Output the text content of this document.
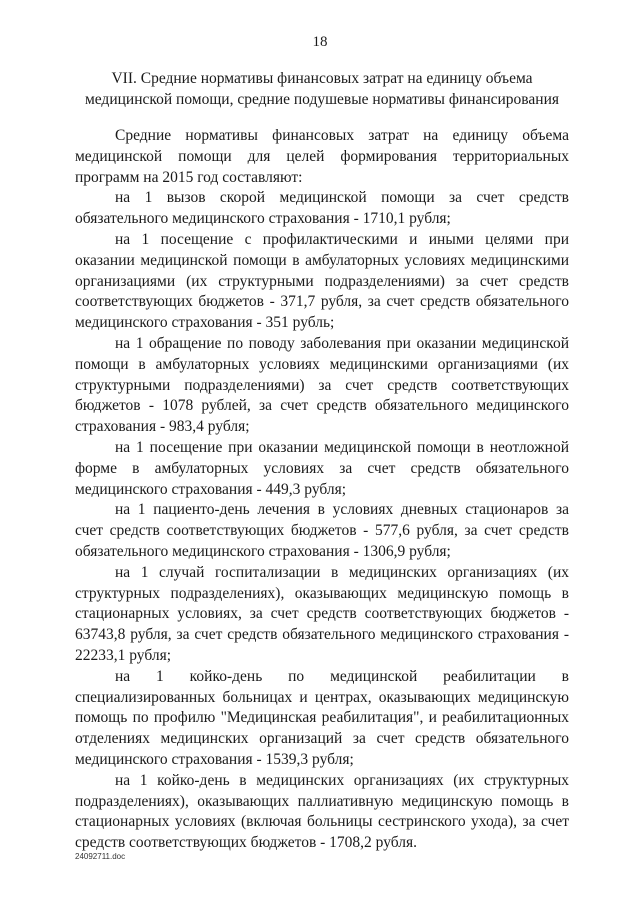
18
VII. Средние нормативы финансовых затрат на единицу объема
медицинской помощи, средние подушевые нормативы финансирования

Средние нормативы финансовых затрат на единицу объема медицинской помощи для целей формирования территориальных программ на 2015 год составляют:

на 1 вызов скорой медицинской помощи за счет средств обязательного медицинского страхования - 1710,1 рубля;

на 1 посещение с профилактическими и иными целями при оказании медицинской помощи в амбулаторных условиях медицинскими организациями (их структурными подразделениями) за счет средств соответствующих бюджетов - 371,7 рубля, за счет средств обязательного медицинского страхования - 351 рубль;

на 1 обращение по поводу заболевания при оказании медицинской помощи в амбулаторных условиях медицинскими организациями (их структурными подразделениями) за счет средств соответствующих бюджетов - 1078 рублей, за счет средств обязательного медицинского страхования - 983,4 рубля;

на 1 посещение при оказании медицинской помощи в неотложной форме в амбулаторных условиях за счет средств обязательного медицинского страхования - 449,3 рубля;

на 1 пациенто-день лечения в условиях дневных стационаров за счет средств соответствующих бюджетов - 577,6 рубля, за счет средств обязательного медицинского страхования - 1306,9 рубля;

на 1 случай госпитализации в медицинских организациях (их структурных подразделениях), оказывающих медицинскую помощь в стационарных условиях, за счет средств соответствующих бюджетов - 63743,8 рубля, за счет средств обязательного медицинского страхования - 22233,1 рубля;

на 1 койко-день по медицинской реабилитации в специализированных больницах и центрах, оказывающих медицинскую помощь по профилю "Медицинская реабилитация", и реабилитационных отделениях медицинских организаций за счет средств обязательного медицинского страхования - 1539,3 рубля;

на 1 койко-день в медицинских организациях (их структурных подразделениях), оказывающих паллиативную медицинскую помощь в стационарных условиях (включая больницы сестринского ухода), за счет средств соответствующих бюджетов - 1708,2 рубля.

24092711.doc
